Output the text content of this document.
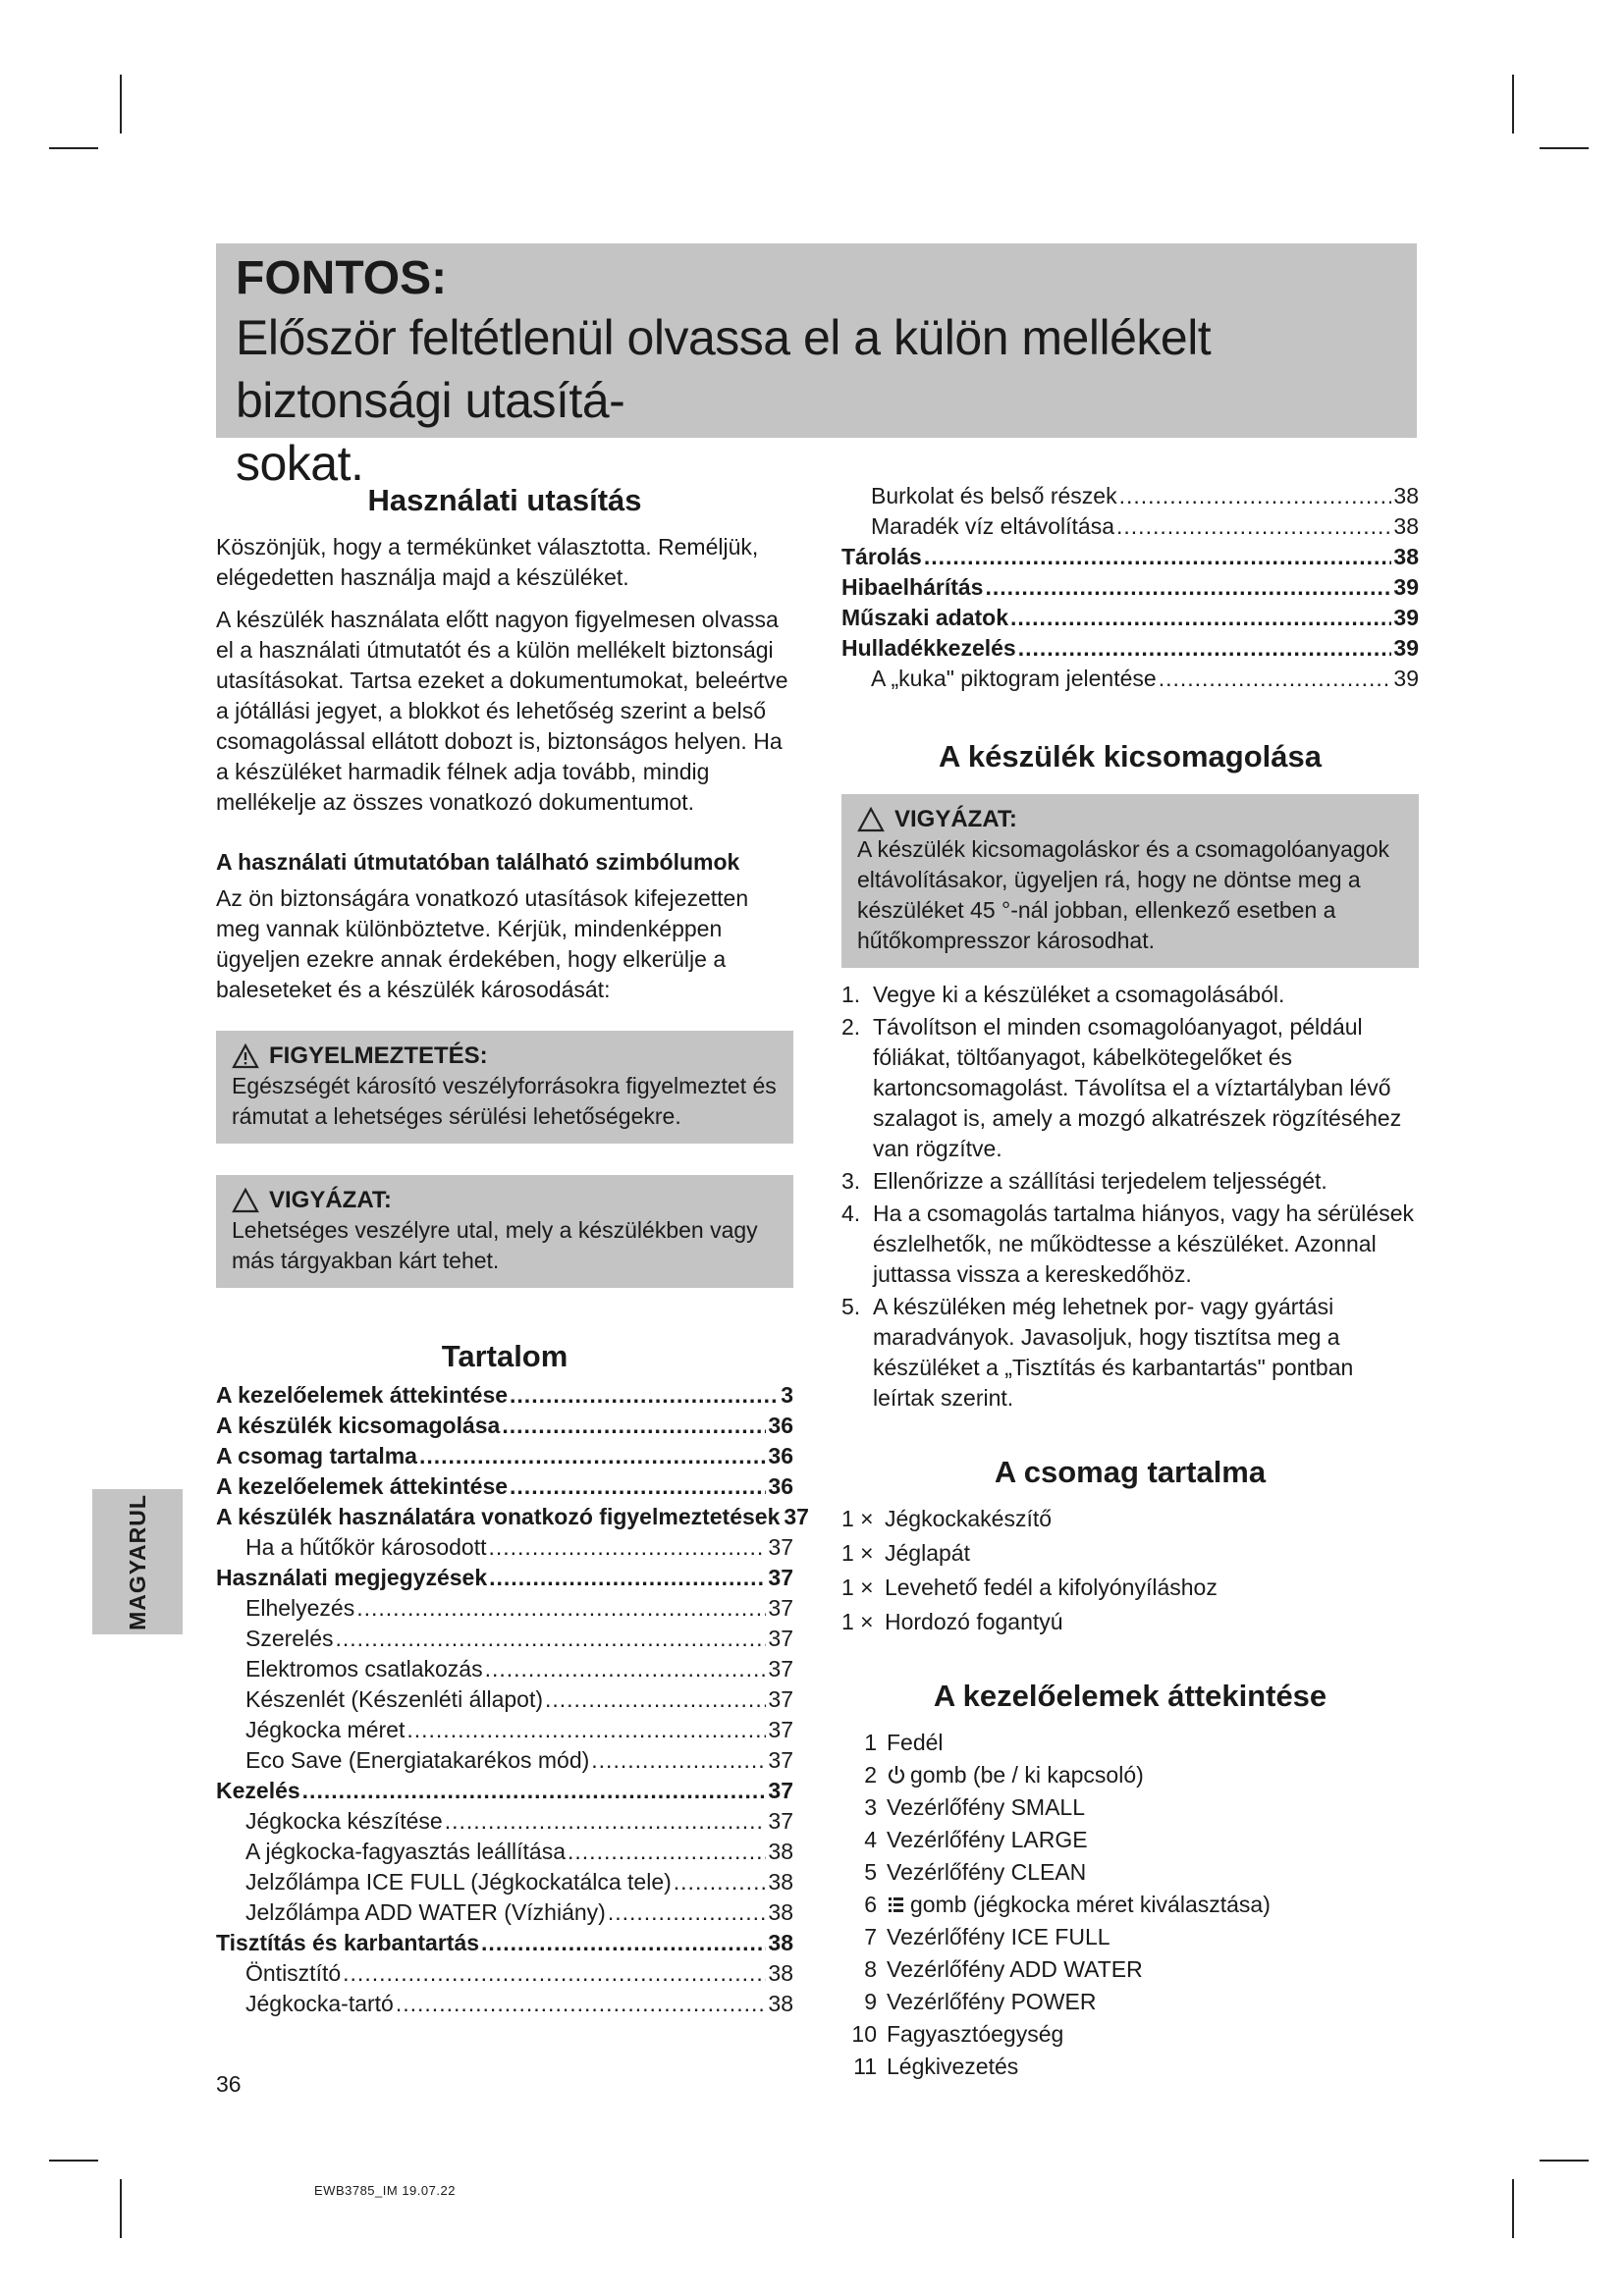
FONTOS:
Először feltétlenül olvassa el a külön mellékelt biztonsági utasítá-
sokat.
Használati utasítás

Köszönjük, hogy a termékünket választotta. Reméljük, elégedetten használja majd a készüléket.

A készülék használata előtt nagyon figyelmesen olvassa el a használati útmutatót és a külön mellékelt biztonsági utasításokat. Tartsa ezeket a dokumentumokat, beleértve a jótállási jegyet, a blokkot és lehetőség szerint a belső csomagolással ellátott dobozt is, biztonságos helyen. Ha a készüléket harmadik félnek adja tovább, mindig mellékelje az összes vonatkozó dokumentumot.

A használati útmutatóban található szimbólumok

Az ön biztonságára vonatkozó utasítások kifejezetten meg vannak különböztetve. Kérjük, mindenképpen ügyeljen ezekre annak érdekében, hogy elkerülje a baleseteket és a készülék károsodását:

FIGYELMEZTETÉS:
Egészségét károsító veszélyforrásokra figyelmeztet és rámutat a lehetséges sérülési lehetőségekre.
VIGYÁZAT:
Lehetséges veszélyre utal, mely a készülékben vagy más tárgyakban kárt tehet.
Tartalom
A kezelőelemek áttekintése .....	3
A készülék kicsomagolása .....	36
A csomag tartalma .....	36
A kezelőelemek áttekintése .....	36
A készülék használatára vonatkozó figyelmeztetések 37
Ha a hűtőkör károsodott .....	37
Használati megjegyzések .....	37
Elhelyezés .....	37
Szerelés .....	37
Elektromos csatlakozás .....	37
Készenlét (Készenléti állapot) .....	37
Jégkocka méret .....	37
Eco Save (Energiatakarékos mód) .....	37
Kezelés .....	37
Jégkocka készítése .....	37
A jégkocka-fagyasztás leállítása .....	38
Jelzőlámpa ICE FULL (Jégkockatálca tele) .....	38
Jelzőlámpa ADD WATER (Vízhiány) .....	38
Tisztítás és karbantartás .....	38
Öntisztító .....	38
Jégkocka-tartó .....	38
Burkolat és belső részek .....	38
Maradék víz eltávolítása .....	38
Tárolás .....	38
Hibaelhárítás .....	39
Műszaki adatok .....	39
Hulladékkezelés .....	39
A „kuka" piktogram jelentése .....	39
A készülék kicsomagolása
VIGYÁZAT:
A készülék kicsomagoláskor és a csomagolóanyagok eltávolításakor, ügyeljen rá, hogy ne döntse meg a készüléket 45 °-nál jobban, ellenkező esetben a hűtőkompresszor károsodhat.
1. Vegye ki a készüléket a csomagolásából.
2. Távolítson el minden csomagolóanyagot, például fóliákat, töltőanyagot, kábelkötegelőket és kartoncsomagolást. Távolítsa el a víztartályban lévő szalagot is, amely a mozgó alkatrészek rögzítéséhez van rögzítve.
3. Ellenőrizze a szállítási terjedelem teljességét.
4. Ha a csomagolás tartalma hiányos, vagy ha sérülések észlelhetők, ne működtesse a készüléket. Azonnal juttassa vissza a kereskedőhöz.
5. A készüléken még lehetnek por- vagy gyártási maradványok. Javasoljuk, hogy tisztítsa meg a készüléket a „Tisztítás és karbantartás" pontban leírtak szerint.
A csomag tartalma
1 × Jégkockakészítő
1 × Jéglapát
1 × Levehető fedél a kifolyónyíláshoz
1 × Hordozó fogantyú
A kezelőelemek áttekintése
1 Fedél
2	gomb (be / ki kapcsoló)
3 Vezérlőfény SMALL
4 Vezérlőfény LARGE
5 Vezérlőfény CLEAN
6	gomb (jégkocka méret kiválasztása)
7 Vezérlőfény ICE FULL
8 Vezérlőfény ADD WATER
9 Vezérlőfény POWER
10 Fagyasztóegység
11 Légkivezetés
MAGYARUL
36
EWB3785_IM 19.07.22
